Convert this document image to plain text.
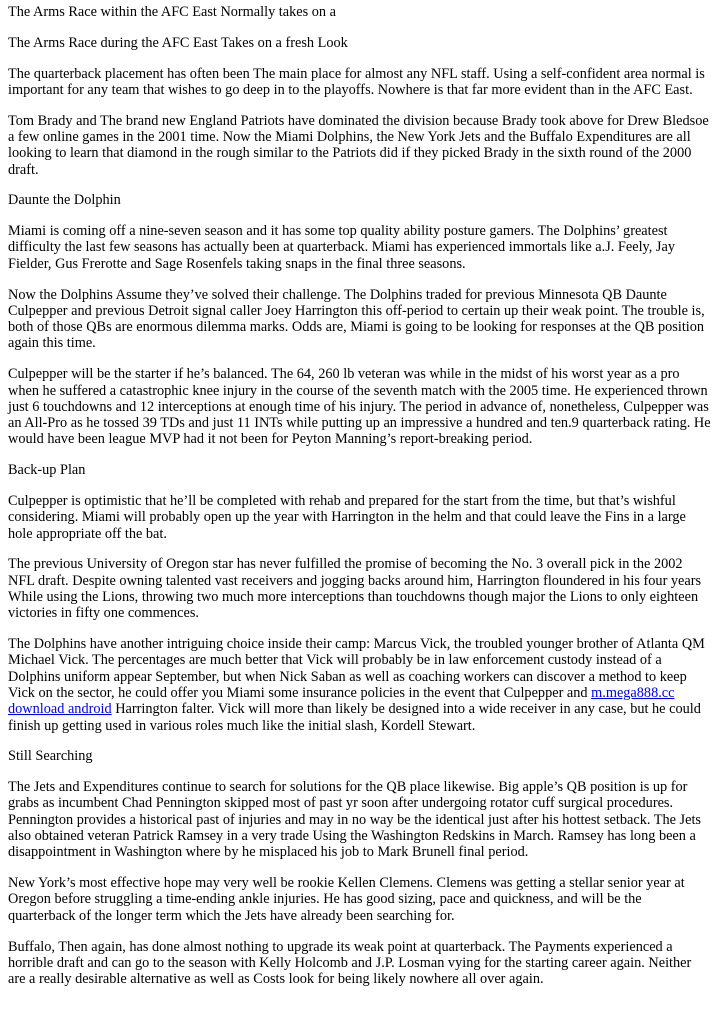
The Arms Race within the AFC East Normally takes on a

The Arms Race during the AFC East Takes on a fresh Look

The quarterback placement has often been The main place for almost any NFL staff. Using a self-confident area normal is important for any team that wishes to go deep in to the playoffs. Nowhere is that far more evident than in the AFC East.

Tom Brady and The brand new England Patriots have dominated the division because Brady took above for Drew Bledsoe a few online games in the 2001 time. Now the Miami Dolphins, the New York Jets and the Buffalo Expenditures are all looking to learn that diamond in the rough similar to the Patriots did if they picked Brady in the sixth round of the 2000 draft.

Daunte the Dolphin

Miami is coming off a nine-seven season and it has some top quality ability posture gamers. The Dolphins’ greatest difficulty the last few seasons has actually been at quarterback. Miami has experienced immortals like a.J. Feely, Jay Fielder, Gus Frerotte and Sage Rosenfels taking snaps in the final three seasons.

Now the Dolphins Assume they’ve solved their challenge. The Dolphins traded for previous Minnesota QB Daunte Culpepper and previous Detroit signal caller Joey Harrington this off-period to certain up their weak point. The trouble is, both of those QBs are enormous dilemma marks. Odds are, Miami is going to be looking for responses at the QB position again this time.

Culpepper will be the starter if he’s balanced. The 64, 260 lb veteran was while in the midst of his worst year as a pro when he suffered a catastrophic knee injury in the course of the seventh match with the 2005 time. He experienced thrown just 6 touchdowns and 12 interceptions at enough time of his injury. The period in advance of, nonetheless, Culpepper was an All-Pro as he tossed 39 TDs and just 11 INTs while putting up an impressive a hundred and ten.9 quarterback rating. He would have been league MVP had it not been for Peyton Manning’s report-breaking period.

Back-up Plan

Culpepper is optimistic that he’ll be completed with rehab and prepared for the start from the time, but that’s wishful considering. Miami will probably open up the year with Harrington in the helm and that could leave the Fins in a large hole appropriate off the bat.

The previous University of Oregon star has never fulfilled the promise of becoming the No. 3 overall pick in the 2002 NFL draft. Despite owning talented vast receivers and jogging backs around him, Harrington floundered in his four years While using the Lions, throwing two much more interceptions than touchdowns though major the Lions to only eighteen victories in fifty one commences.

The Dolphins have another intriguing choice inside their camp: Marcus Vick, the troubled younger brother of Atlanta QM Michael Vick. The percentages are much better that Vick will probably be in law enforcement custody instead of a Dolphins uniform appear September, but when Nick Saban as well as coaching workers can discover a method to keep Vick on the sector, he could offer you Miami some insurance policies in the event that Culpepper and m.mega888.cc download android Harrington falter. Vick will more than likely be designed into a wide receiver in any case, but he could finish up getting used in various roles much like the initial slash, Kordell Stewart.

Still Searching

The Jets and Expenditures continue to search for solutions for the QB place likewise. Big apple’s QB position is up for grabs as incumbent Chad Pennington skipped most of past yr soon after undergoing rotator cuff surgical procedures. Pennington provides a historical past of injuries and may in no way be the identical just after his hottest setback. The Jets also obtained veteran Patrick Ramsey in a very trade Using the Washington Redskins in March. Ramsey has long been a disappointment in Washington where by he misplaced his job to Mark Brunell final period.

New York’s most effective hope may very well be rookie Kellen Clemens. Clemens was getting a stellar senior year at Oregon before struggling a time-ending ankle injuries. He has good sizing, pace and quickness, and will be the quarterback of the longer term which the Jets have already been searching for.

Buffalo, Then again, has done almost nothing to upgrade its weak point at quarterback. The Payments experienced a horrible draft and can go to the season with Kelly Holcomb and J.P. Losman vying for the starting career again. Neither are a really desirable alternative as well as Costs look for being likely nowhere all over again.
